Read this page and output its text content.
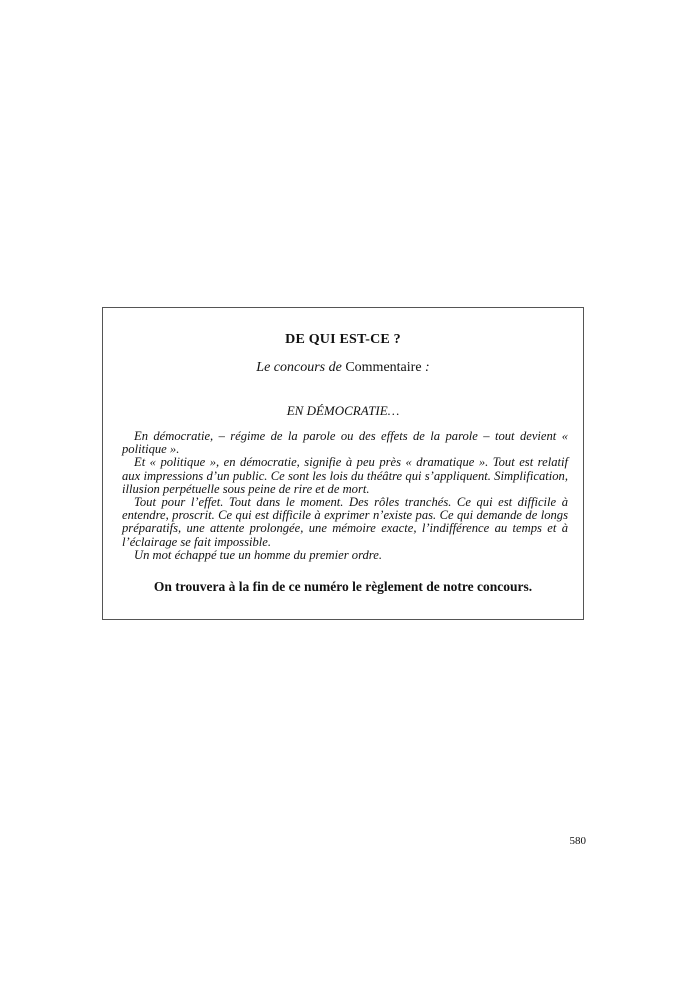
DE QUI EST-CE ?
Le concours de Commentaire :
EN DÉMOCRATIE…

En démocratie, – régime de la parole ou des effets de la parole – tout devient « politique ».

Et « politique », en démocratie, signifie à peu près « dramatique ». Tout est relatif aux impressions d’un public. Ce sont les lois du théâtre qui s’appliquent. Simplification, illusion perpétuelle sous peine de rire et de mort.

Tout pour l’effet. Tout dans le moment. Des rôles tranchés. Ce qui est difficile à entendre, proscrit. Ce qui est difficile à exprimer n’existe pas. Ce qui demande de longs préparatifs, une attente prolongée, une mémoire exacte, l’indifférence au temps et à l’éclairage se fait impossible.

Un mot échappé tue un homme du premier ordre.

On trouvera à la fin de ce numéro le règlement de notre concours.
580
